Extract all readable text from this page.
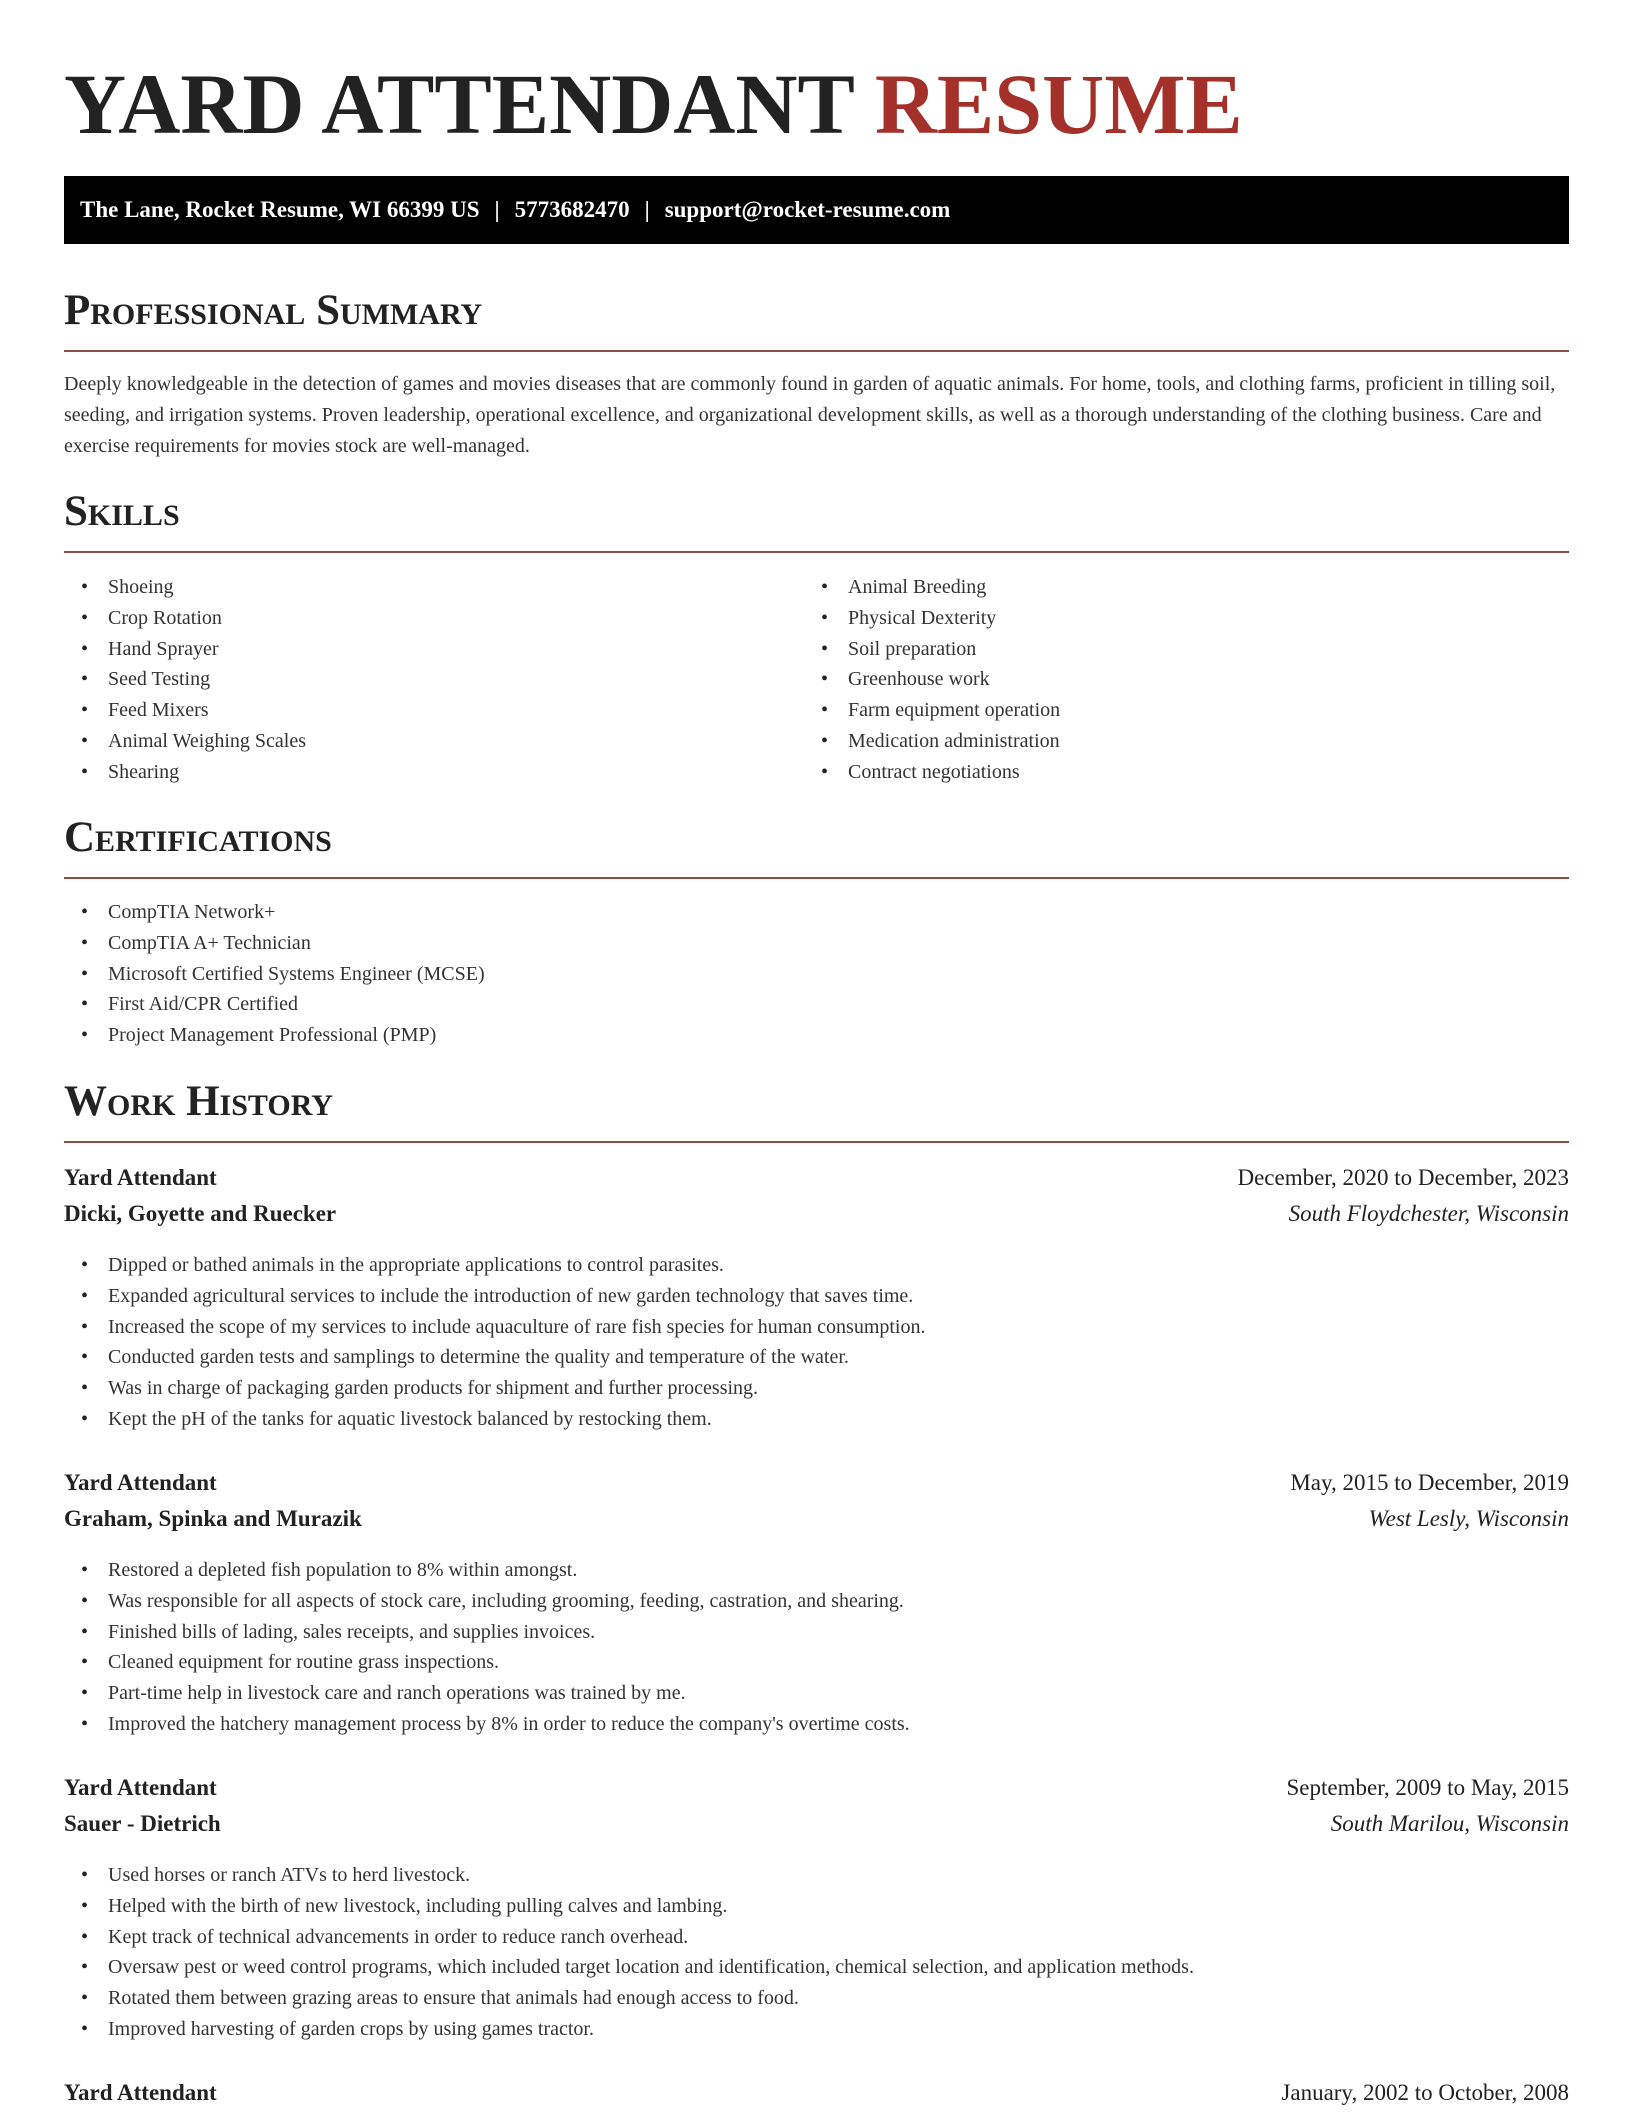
YARD ATTENDANT RESUME
The Lane, Rocket Resume, WI 66399 US | 5773682470 | support@rocket-resume.com
Professional Summary

Deeply knowledgeable in the detection of games and movies diseases that are commonly found in garden of aquatic animals. For home, tools, and clothing farms, proficient in tilling soil, seeding, and irrigation systems. Proven leadership, operational excellence, and organizational development skills, as well as a thorough understanding of the clothing business. Care and exercise requirements for movies stock are well-managed.

Skills
• Shoeing
• Crop Rotation
• Hand Sprayer
• Seed Testing
• Feed Mixers
• Animal Weighing Scales
• Shearing
• Animal Breeding
• Physical Dexterity
• Soil preparation
• Greenhouse work
• Farm equipment operation
• Medication administration
• Contract negotiations
Certifications
• CompTIA Network+
• CompTIA A+ Technician
• Microsoft Certified Systems Engineer (MCSE)
• First Aid/CPR Certified
• Project Management Professional (PMP)
Work History

Yard Attendant	December, 2020 to December, 2023

Dicki, Goyette and Ruecker	South Floydchester, Wisconsin

• Dipped or bathed animals in the appropriate applications to control parasites.
• Expanded agricultural services to include the introduction of new garden technology that saves time.
• Increased the scope of my services to include aquaculture of rare fish species for human consumption.
• Conducted garden tests and samplings to determine the quality and temperature of the water.
• Was in charge of packaging garden products for shipment and further processing.
• Kept the pH of the tanks for aquatic livestock balanced by restocking them.

Yard Attendant	May, 2015 to December, 2019

Graham, Spinka and Murazik	West Lesly, Wisconsin

• Restored a depleted fish population to 8% within amongst.
• Was responsible for all aspects of stock care, including grooming, feeding, castration, and shearing.
• Finished bills of lading, sales receipts, and supplies invoices.
• Cleaned equipment for routine grass inspections.
• Part-time help in livestock care and ranch operations was trained by me.
• Improved the hatchery management process by 8% in order to reduce the company's overtime costs.

Yard Attendant	September, 2009 to May, 2015

Sauer - Dietrich	South Marilou, Wisconsin

• Used horses or ranch ATVs to herd livestock.
• Helped with the birth of new livestock, including pulling calves and lambing.
• Kept track of technical advancements in order to reduce ranch overhead.
• Oversaw pest or weed control programs, which included target location and identification, chemical selection, and application methods.
• Rotated them between grazing areas to ensure that animals had enough access to food.
• Improved harvesting of garden crops by using games tractor.

Yard Attendant	January, 2002 to October, 2008
